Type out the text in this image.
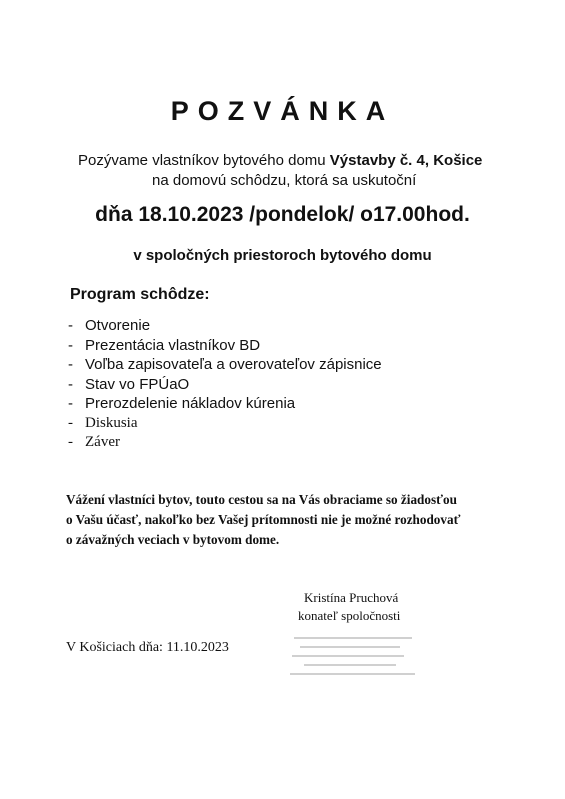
POZVÁNKA
Pozývame vlastníkov bytového domu Výstavby č. 4, Košice
na domovú schôdzu, ktorá sa uskutoční
dňa 18.10.2023 /pondelok/ o17.00hod.
v spoločných priestoroch bytového domu
Program schôdze:
- Otvorenie
- Prezentácia vlastníkov BD
- Voľba zapisovateľa a overovateľov zápisnice
- Stav vo FPÚaO
- Prerozdelenie nákladov kúrenia
- Diskusia
- Záver
Vážení vlastníci bytov, touto cestou sa na Vás obraciame so žiadosťou
o Vašu účasť, nakoľko bez Vašej prítomnosti nie je možné rozhodovať
o závažných veciach v bytovom dome.
Kristína Pruchová
konateľ spoločnosti
V Košiciach dňa: 11.10.2023
